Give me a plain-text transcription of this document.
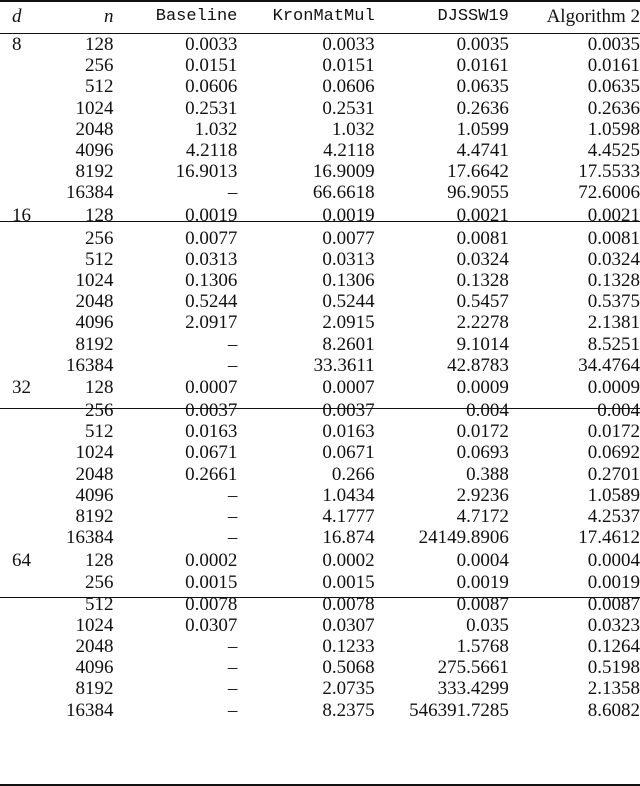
d	n	Baseline	KronMatMul	DJSSW19	Algorithm 2
8	128	0.0033	0.0033	0.0035	0.0035
	256	0.0151	0.0151	0.0161	0.0161
	512	0.0606	0.0606	0.0635	0.0635
	1024	0.2531	0.2531	0.2636	0.2636
	2048	1.032	1.032	1.0599	1.0598
	4096	4.2118	4.2118	4.4741	4.4525
	8192	16.9013	16.9009	17.6642	17.5533
	16384	–	66.6618	96.9055	72.6006
16	128	0.0019	0.0019	0.0021	0.0021
	256	0.0077	0.0077	0.0081	0.0081
	512	0.0313	0.0313	0.0324	0.0324
	1024	0.1306	0.1306	0.1328	0.1328
	2048	0.5244	0.5244	0.5457	0.5375
	4096	2.0917	2.0915	2.2278	2.1381
	8192	–	8.2601	9.1014	8.5251
	16384	–	33.3611	42.8783	34.4764
32	128	0.0007	0.0007	0.0009	0.0009
	256	0.0037	0.0037	0.004	0.004
	512	0.0163	0.0163	0.0172	0.0172
	1024	0.0671	0.0671	0.0693	0.0692
	2048	0.2661	0.266	0.388	0.2701
	4096	–	1.0434	2.9236	1.0589
	8192	–	4.1777	4.7172	4.2537
	16384	–	16.874	24149.8906	17.4612
64	128	0.0002	0.0002	0.0004	0.0004
	256	0.0015	0.0015	0.0019	0.0019
	512	0.0078	0.0078	0.0087	0.0087
	1024	0.0307	0.0307	0.035	0.0323
	2048	–	0.1233	1.5768	0.1264
	4096	–	0.5068	275.5661	0.5198
	8192	–	2.0735	333.4299	2.1358
	16384	–	8.2375	546391.7285	8.6082
